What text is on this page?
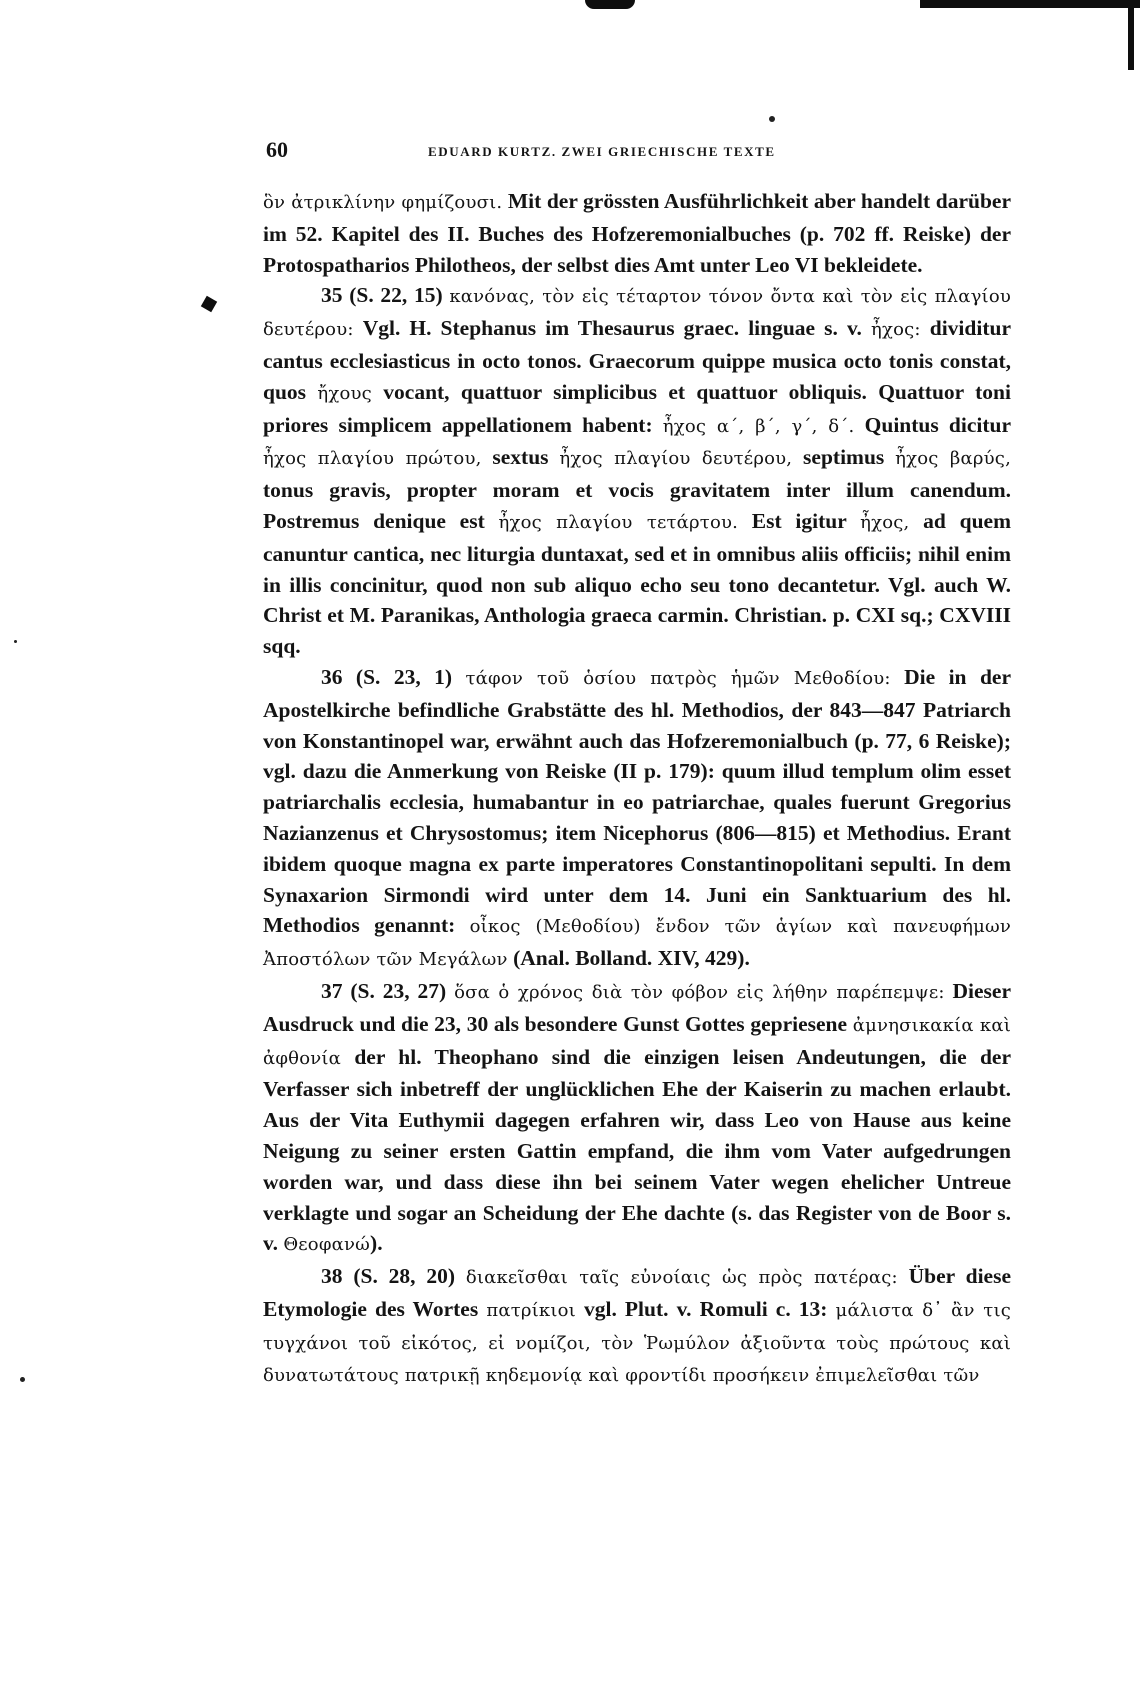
60	EDUARD KURTZ. ZWEI GRIECHISCHE TEXTE

ὃν ἀτρικλίνην φημίζουσι. Mit der grössten Ausführlichkeit aber handelt darüber im 52. Kapitel des II. Buches des Hofzeremonialbuches (p. 702 ff. Reiske) der Protospatharios Philotheos, der selbst dies Amt unter Leo VI bekleidete.

35 (S. 22, 15) κανόνας, τὸν εἰς τέταρτον τόνον ὄντα καὶ τὸν εἰς πλαγίου δευτέρου: Vgl. H. Stephanus im Thesaurus graec. linguae s. v. ἦχος: dividitur cantus ecclesiasticus in octo tonos. Graecorum quippe musica octo tonis constat, quos ἤχους vocant, quattuor simplicibus et quattuor obliquis. Quattuor toni priores simplicem appellationem habent: ἦχος α΄, β΄, γ΄, δ΄. Quintus dicitur ἦχος πλαγίου πρώτου, sextus ἦχος πλαγίου δευτέρου, septimus ἦχος βαρύς, tonus gravis, propter moram et vocis gravitatem inter illum canendum. Postremus denique est ἦχος πλαγίου τετάρτου. Est igitur ἦχος, ad quem canuntur cantica, nec liturgia duntaxat, sed et in omnibus aliis officiis; nihil enim in illis concinitur, quod non sub aliquo echo seu tono decantetur. Vgl. auch W. Christ et M. Paranikas, Anthologia graeca carmin. Christian. p. CXI sq.; CXVIII sqq.

36 (S. 23, 1) τάφον τοῦ ὁσίου πατρὸς ἡμῶν Μεθοδίου: Die in der Apostelkirche befindliche Grabstätte des hl. Methodios, der 843—847 Patriarch von Konstantinopel war, erwähnt auch das Hofzeremonialbuch (p. 77, 6 Reiske); vgl. dazu die Anmerkung von Reiske (II p. 179): quum illud templum olim esset patriarchalis ecclesia, humabantur in eo patriarchae, quales fuerunt Gregorius Nazianzenus et Chrysostomus; item Nicephorus (806—815) et Methodius. Erant ibidem quoque magna ex parte imperatores Constantinopolitani sepulti. In dem Synaxarion Sirmondi wird unter dem 14. Juni ein Sanktuarium des hl. Methodios genannt: οἶκος (Μεθοδίου) ἔνδον τῶν ἁγίων καὶ πανευφήμων Ἀποστόλων τῶν Μεγάλων (Anal. Bolland. XIV, 429).

37 (S. 23, 27) ὅσα ὁ χρόνος διὰ τὸν φόβον εἰς λήθην παρέπεμψε: Dieser Ausdruck und die 23, 30 als besondere Gunst Gottes gepriesene ἀμνησικακία καὶ ἀφθονία der hl. Theophano sind die einzigen leisen Andeutungen, die der Verfasser sich inbetreff der unglücklichen Ehe der Kaiserin zu machen erlaubt. Aus der Vita Euthymii dagegen erfahren wir, dass Leo von Hause aus keine Neigung zu seiner ersten Gattin empfand, die ihm vom Vater aufgedrungen worden war, und dass diese ihn bei seinem Vater wegen ehelicher Untreue verklagte und sogar an Scheidung der Ehe dachte (s. das Register von de Boor s. v. Θεοφανώ).

38 (S. 28, 20) διακεῖσθαι ταῖς εὐνοίαις ὡς πρὸς πατέρας: Über diese Etymologie des Wortes πατρίκιοι vgl. Plut. v. Romuli c. 13: μάλιστα δ᾽ ἂν τις τυγχάνοι τοῦ εἰκότος, εἰ νομίζοι, τὸν Ῥωμύλον ἀξιοῦντα τοὺς πρώτους καὶ δυνατωτάτους πατρικῇ κηδεμονίᾳ καὶ φροντίδι προσήκειν ἐπιμελεῖσθαι τῶν
